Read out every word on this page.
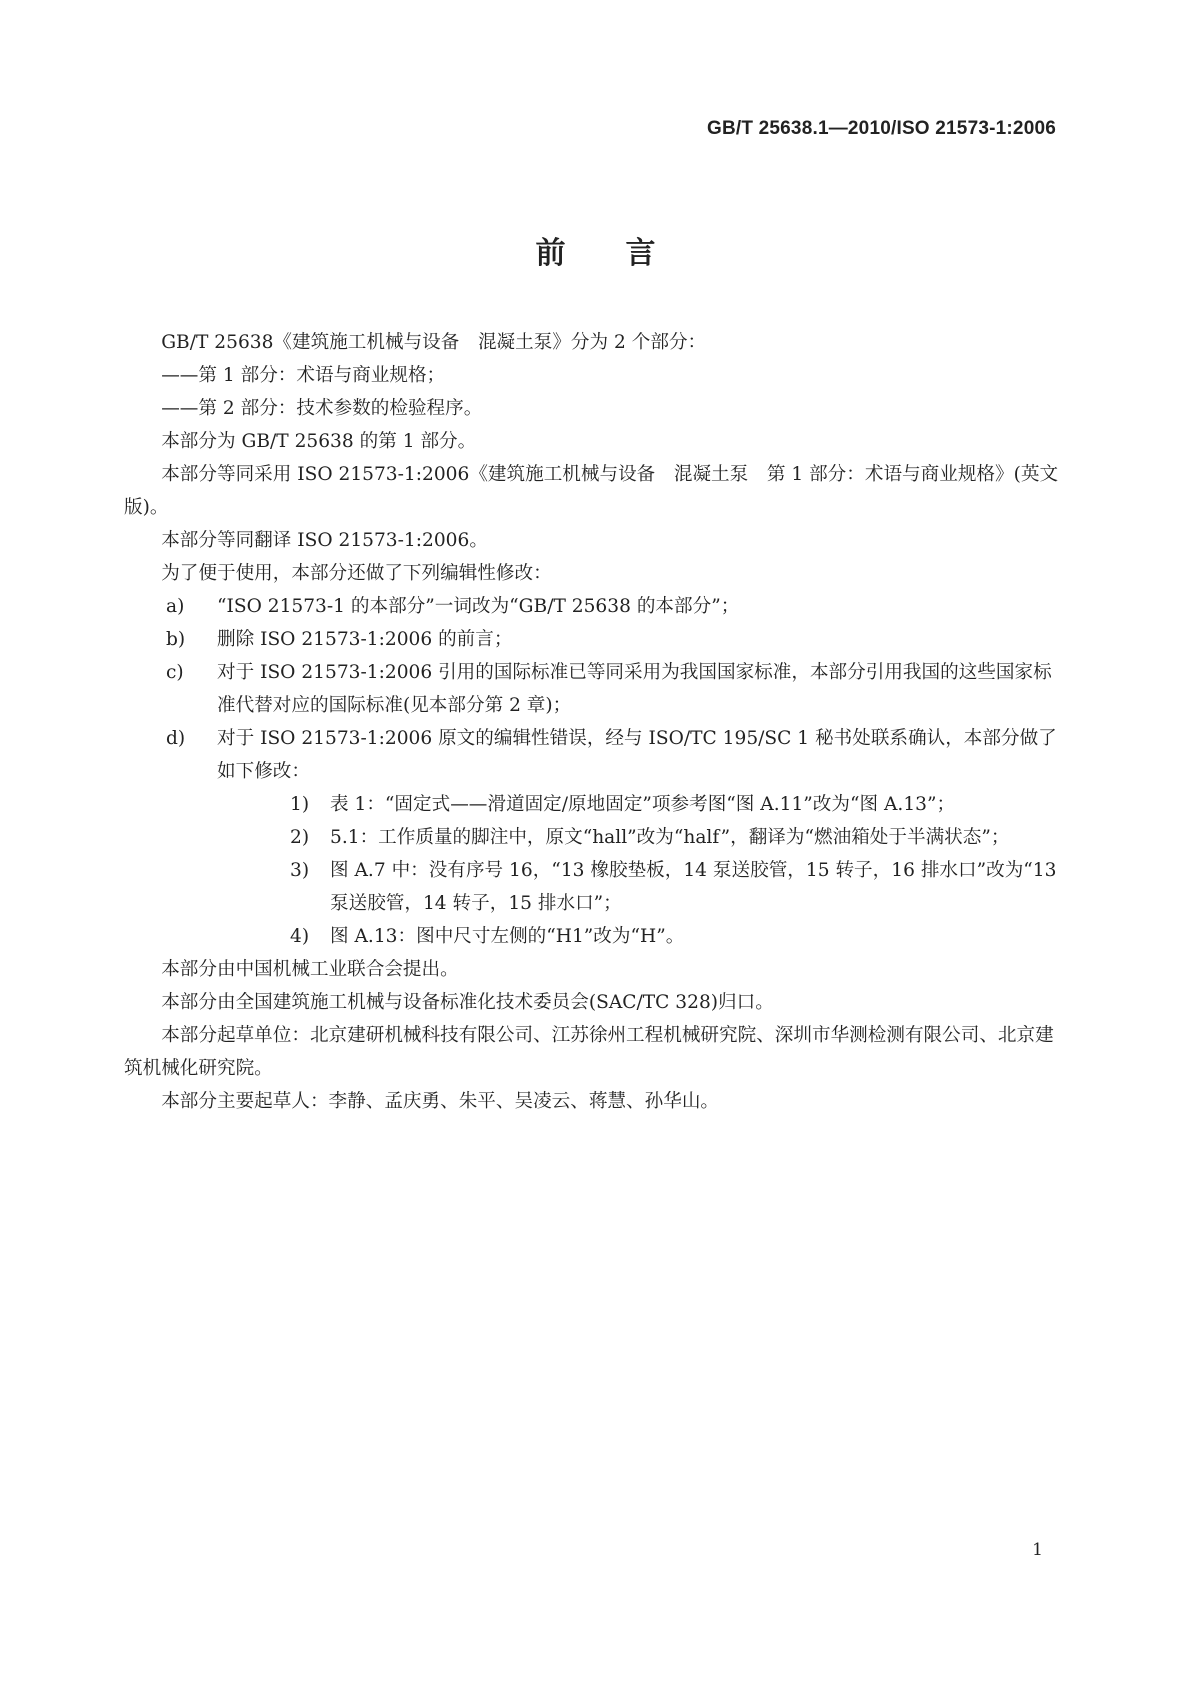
GB/T 25638.1—2010/ISO 21573-1:2006
前言
GB/T 25638《建筑施工机械与设备　混凝土泵》分为 2 个部分：
——第 1 部分：术语与商业规格；
——第 2 部分：技术参数的检验程序。
本部分为 GB/T 25638 的第 1 部分。
本部分等同采用 ISO 21573-1:2006《建筑施工机械与设备　混凝土泵　第 1 部分：术语与商业规格》(英文版)。
本部分等同翻译 ISO 21573-1:2006。
为了便于使用，本部分还做了下列编辑性修改：
a) “ISO 21573-1 的本部分”一词改为“GB/T 25638 的本部分”；
b) 删除 ISO 21573-1:2006 的前言；
c) 对于 ISO 21573-1:2006 引用的国际标准已等同采用为我国国家标准，本部分引用我国的这些国家标准代替对应的国际标准(见本部分第 2 章)；
d) 对于 ISO 21573-1:2006 原文的编辑性错误，经与 ISO/TC 195/SC 1 秘书处联系确认，本部分做了如下修改：
1) 表 1：“固定式——滑道固定/原地固定”项参考图“图 A.11”改为“图 A.13”；
2) 5.1：工作质量的脚注中，原文“hall”改为“half”，翻译为“燃油箱处于半满状态”；
3) 图 A.7 中：没有序号 16，“13 橡胶垫板，14 泵送胶管，15 转子，16 排水口”改为“13 泵送胶管，14 转子，15 排水口”；
4) 图 A.13：图中尺寸左侧的“H1”改为“H”。
本部分由中国机械工业联合会提出。
本部分由全国建筑施工机械与设备标准化技术委员会(SAC/TC 328)归口。
本部分起草单位：北京建研机械科技有限公司、江苏徐州工程机械研究院、深圳市华测检测有限公司、北京建筑机械化研究院。
本部分主要起草人：李静、孟庆勇、朱平、吴凌云、蒋慧、孙华山。
1
